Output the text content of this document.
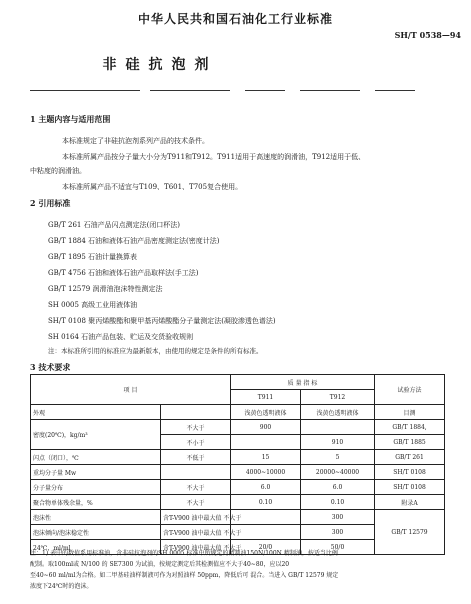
中华人民共和国石油化工行业标准
SH/T 0538—94
非硅抗泡剂
1 主题内容与适用范围
本标准规定了非硅抗泡剂系列产品的技术条件。
本标准所属产品按分子量大小分为T911和T912。T911适用于高速度的润滑油，T912适用于低、
中粘度的润滑油。
本标准所属产品不适宜与T109、T601、T705复合使用。
2 引用标准
GB/T 261 石油产品闪点测定法(闭口杯法)
GB/T 1884 石油和液体石油产品密度测定法(密度计法)
GB/T 1895 石油计量换算表
GB/T 4756 石油和液体石油产品取样法(手工法)
GB/T 12579 润滑油泡沫特性测定法
SH 0005 高级工业用液体油
SH/T 0108 聚丙烯酸酯和聚甲基丙烯酸酯分子量测定法(凝胶渗透色谱法)
SH 0164 石油产品包装、贮运及交货验收规则
注：本标准所引用的标准应为最新版本，由使用的规定是条件的所有标准。
3 技术要求
项 目		质 量 指 标		试验方法
		T911	T912	
外观		浅黄色透明液体	浅黄色透明液体	目测
密度(20℃)，kg/m³	不大于	900		GB/T 1884,
	不小于		910	GB/T 1885
闪点（闭口），℃	不低于	15	5	GB/T 261
重均分子量 Mw		4000~10000	20000~40000	SH/T 0108
分子量分布	不大于	6.0	6.0	SH/T 0108
聚合物单体残余量，%	不大于	0.10	0.10	附录A
泡沫性	含T-V900 油中最大值 不大于		300	GB/T 12579
泡沫倾向/泡沫稳定性	含T-V900 油中最大值 不大于		300	
24℃，ml/ml	含T-V900 油中最大值 不大于	20/0	50/0	
注：1) 表中的数值系用标准油，含非硅抗泡剂的SH 0005 标准中所规定的精制油150N/100N 精制油，按适当比例
配制。取100ml或 N/100 的 SE7300 为试油，按规定测定后其检测值应不大于40~80，应以20
至40~60 ml/ml为合格。如二甲基硅油样制液可作为对照油样 50ppm，降低后可 混合。当进入 GB/T 12579 规定
浓度下24℃时的泡沫。
